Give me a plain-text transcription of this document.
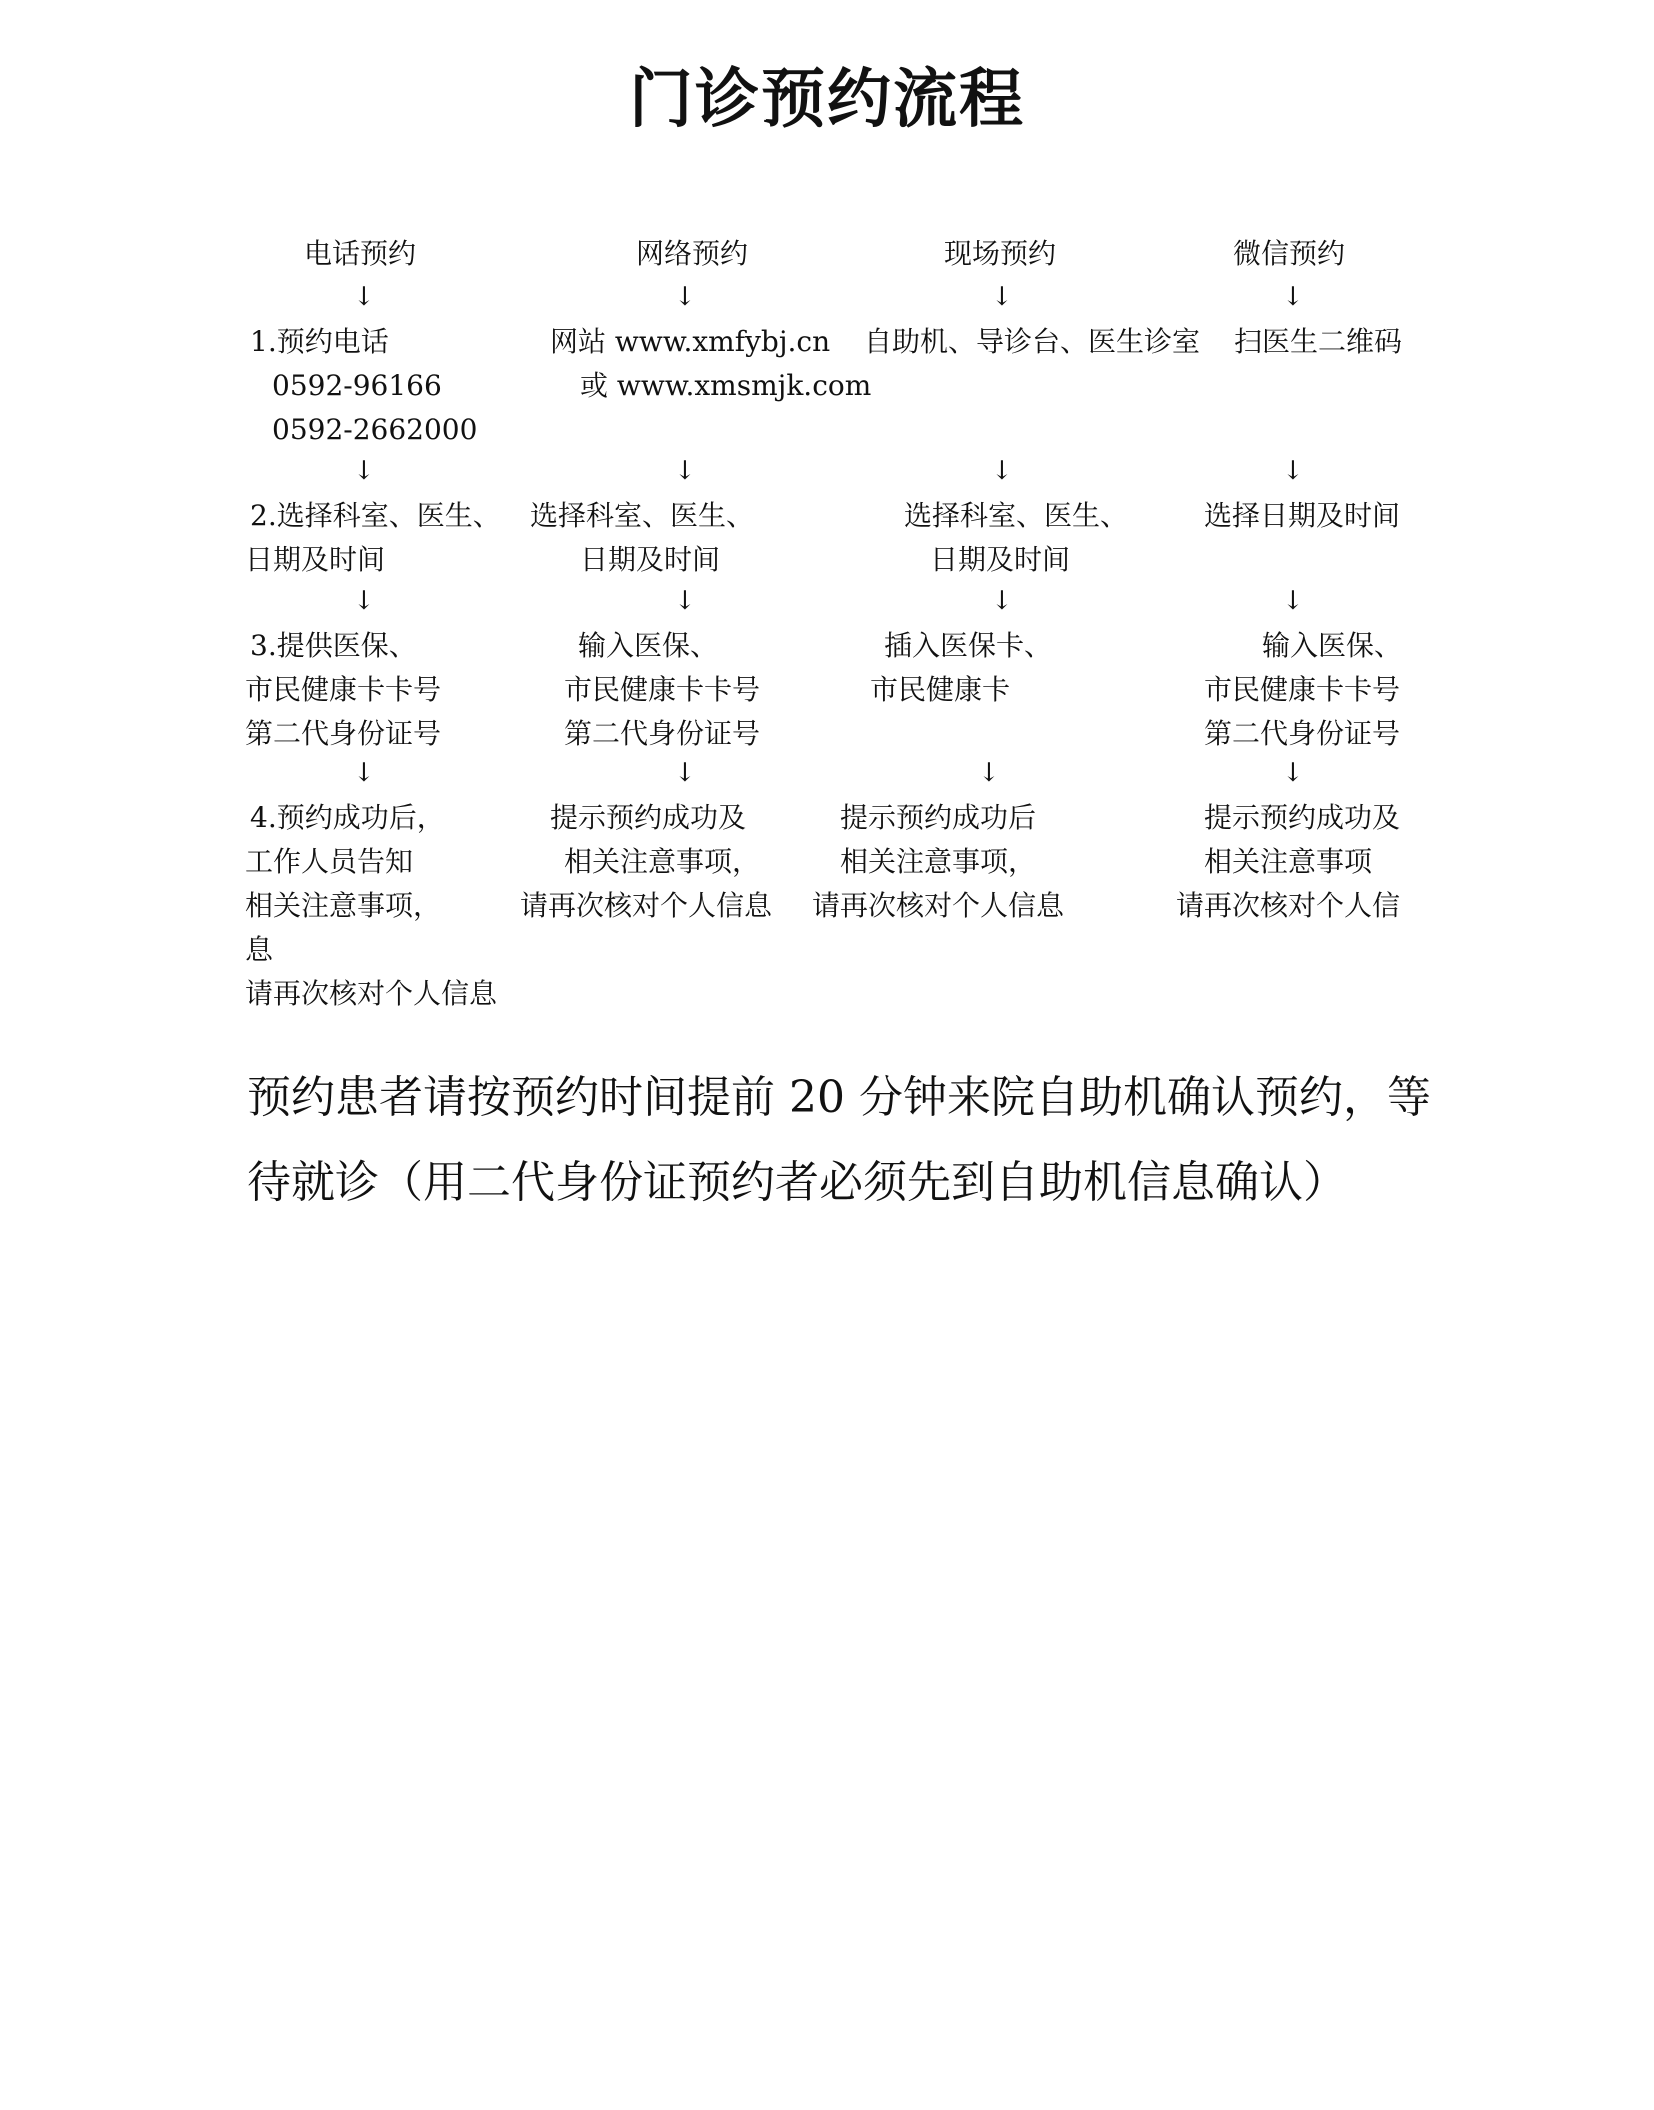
门诊预约流程
电话预约
↓
1.预约电话
0592-96166
0592-2662000
↓
2.选择科室、医生、
日期及时间
↓
3.提供医保、
市民健康卡卡号
第二代身份证号
↓
4.预约成功后，
工作人员告知
相关注意事项，
息
请再次核对个人信息
网络预约
↓
网站 www.xmfybj.cn
或 www.xmsmjk.com
↓
选择科室、医生、
日期及时间
↓
输入医保、
市民健康卡卡号
第二代身份证号
↓
提示预约成功及
相关注意事项，
请再次核对个人信息
现场预约
↓
自助机、导诊台、医生诊室
↓
选择科室、医生、
日期及时间
↓
插入医保卡、
市民健康卡
↓
提示预约成功后
相关注意事项，
请再次核对个人信息
微信预约
↓
扫医生二维码
↓
选择日期及时间
↓
输入医保、
市民健康卡卡号
第二代身份证号
↓
提示预约成功及
相关注意事项
请再次核对个人信
预约患者请按预约时间提前 20 分钟来院自助机确认预约，等
待就诊（用二代身份证预约者必须先到自助机信息确认）
